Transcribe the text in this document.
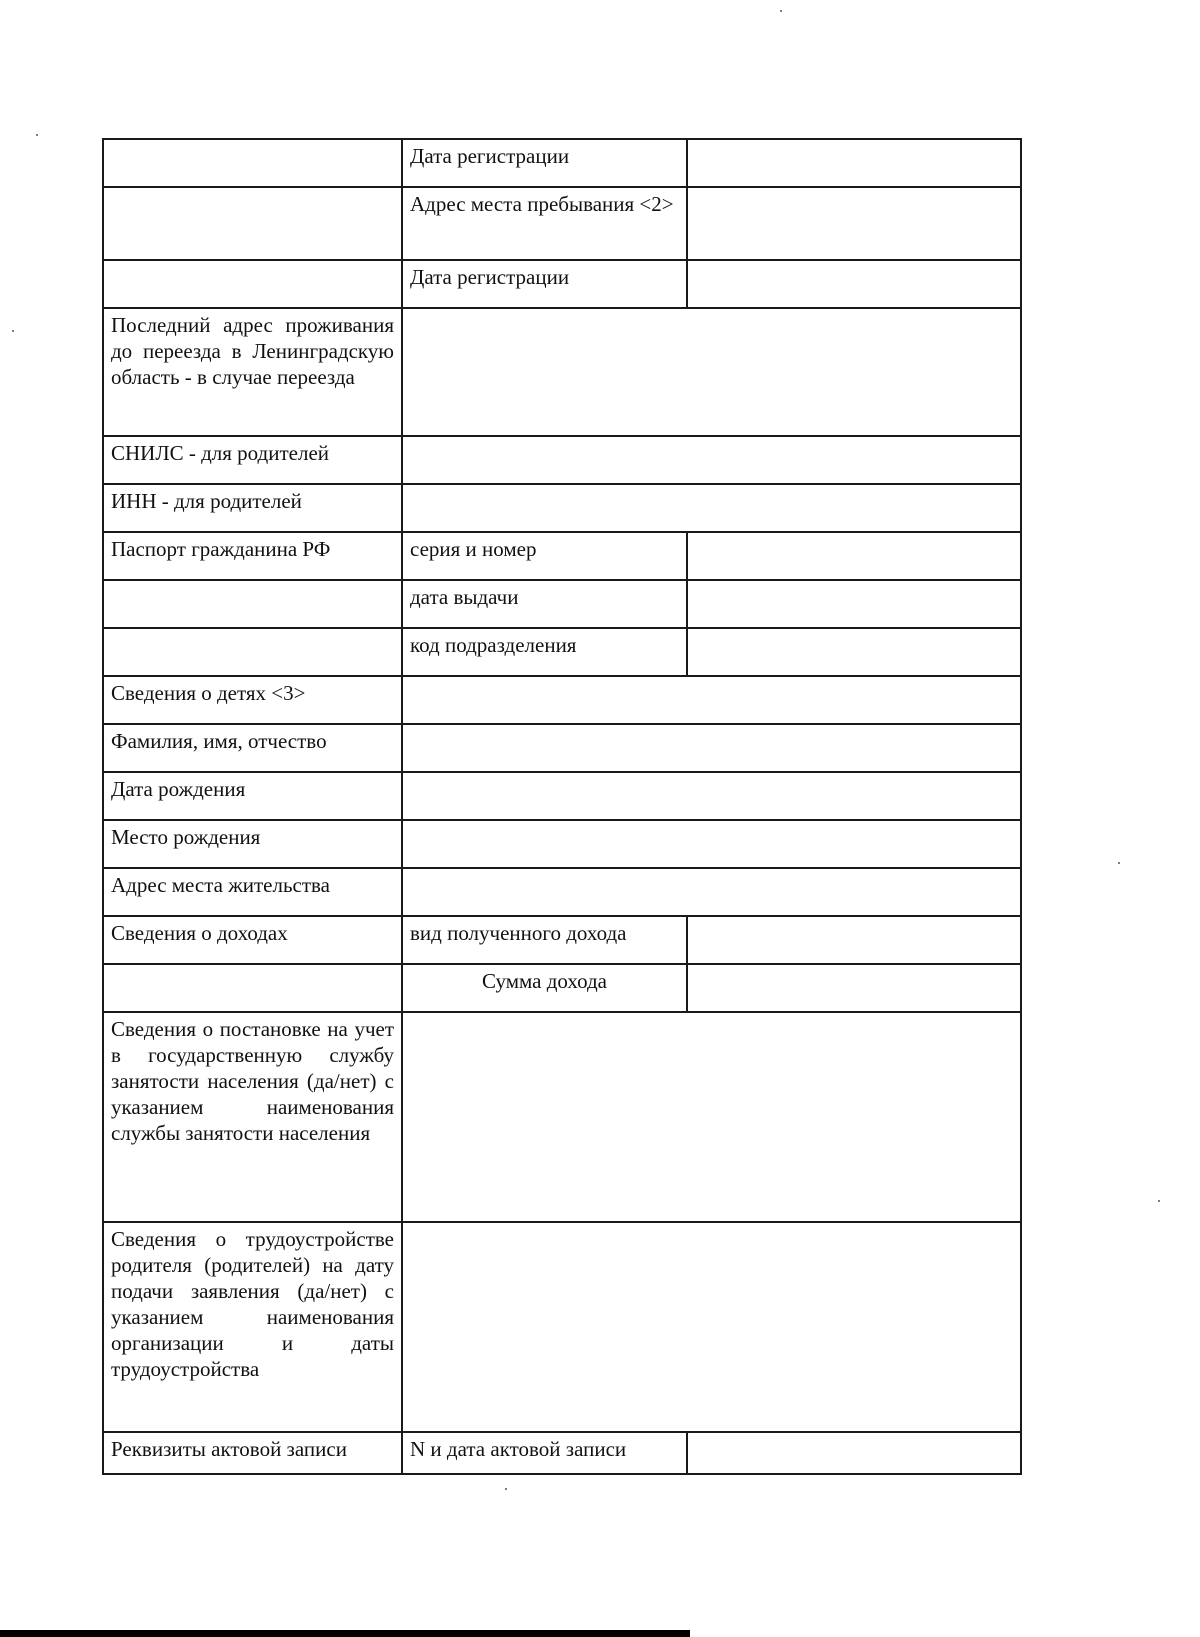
	Дата регистрации	
	Адрес места пребывания <2>	
	Дата регистрации	
Последний адрес проживания до переезда в Ленинградскую область - в случае переезда		
СНИЛС - для родителей		
ИНН - для родителей		
Паспорт гражданина РФ	серия и номер	
	дата выдачи	
	код подразделения	
Сведения о детях <3>		
Фамилия, имя, отчество		
Дата рождения		
Место рождения		
Адрес места жительства		
Сведения о доходах	вид полученного дохода	
	Сумма дохода	
Сведения о постановке на учет в государственную службу занятости населения (да/нет) с указанием наименования службы занятости населения		
Сведения о трудоустройстве родителя (родителей) на дату подачи заявления (да/нет) с указанием наименования организации и даты трудоустройства		
Реквизиты актовой записи	N и дата актовой записи	
